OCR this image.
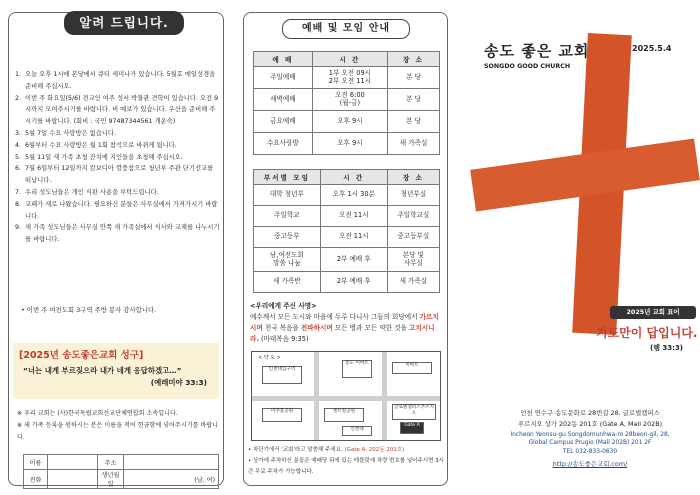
알려 드립니다.
1. 오늘 오후 1시에 본당에서 큐티 세미나가 있습니다. 5월호 매일성경을 준비해 주십시오.
2. 이번 주 화요일(5/6) 전교인 여주 성서 박물관 견학이 있습니다. 오전 9시까지 모여주시기를 바랍니다. 비 예보가 있습니다. 우산을 준비해 주시기를 바랍니다. (회비 : 국민 97487344561 개운숙)
3. 5월 7일 수요 사랑방은 없습니다.
4. 6월부터 수요 사랑방은 월 1회 참석으로 바뀌게 됩니다.
5. 5월 11일 새 가족 초청 잔치에 지인들을 초청해 주십시오.
6. 7월 6일부터 12일까지 캄보디아 깜풍참으로 청년부 주관 단기선교를 떠납니다.
7. 우리 성도님들은 개인 식판 사용을 부탁드립니다.
8. 교패가 새로 나왔습니다. 필요하신 분들은 사무실에서 가져가시기 바랍니다.
9. 새 가족 성도님들은 사무실 안쪽 새 가족실에서 식사와 교제를 나누시기를 바랍니다.
• 이번 주 여전도회 3구역 주방 봉사 감사합니다.
[2025년 송도좋은교회 성구]
“너는 내게 부르짖으라 내가 네게 응답하겠고…”
(예레미야 33:3)
※ 우리 교회는 (사)한국독립교회선교단체연합회 소속입니다.
※ 새 가족 등록을 원하시는 분은 이름을 적어 헌금함에 넣어주시기를 바랍니다.
이름		주소	
전화		생년월일	(남. 여)
예배 및 모임 안내
예 배	시 간	장 소
주일예배	1부 오전 09시
2부 오전 11시	본 당
새벽예배	오전 6:00
(월-금)	본 당
금요예배	오후 9시	본 당
수요사랑방	오후 9시	새 가족실
부서별 모임	시 간	장 소
대학 청년부	오후 1시 30분	청년부실
주일학교	오전 11시	주일학교실
중고등부	오전 11시	중고등부실
남,여전도회
말씀 나눔	2부 예배 후	본당 및
사무실
새 가족반	2부 예배 후	새 가족실
<우리에게 주신 사명>
예수께서 모든 도시와 마을에 두루 다니사 그들의 회당에서 가르치시며 천국 복음을 전파하시며 모든 병과 모든 약한 것을 고치시니라. (마태복음 9:35)
< 약 도 >
인천대입구역
송도 이마트
미추홀공원
이마트
센트럴공원
글로벌캠퍼스푸르지오
Gate A
인천대
• 차단기에서 '교회'라고 말씀해 주세요. (Gate A, 202동 201호)
• 상가에 주차하신 분들은 예배당 뒤에 있는 테블릿에 차량 번호를 넣어주시면 3시간 무료 주차가 가능합니다.
송도 좋은 교회
SONGDO GOOD CHURCH
2025.5.4
2025년 교회 표어
기도만이 답입니다.
(렘 33:3)
인천 연수구 송도문화로 28번길 28. 글로벌캠퍼스
푸르지오 상가 202동 201호 (Gate A, Mall 202B)
Incheon Yeonsu-gu Songdomunhwa-ro 28beon-gil, 28,
Global Campus Prugio (Mall 202B) 201 2F
TEL 032-833-0630
http://송도좋은교회.com/
